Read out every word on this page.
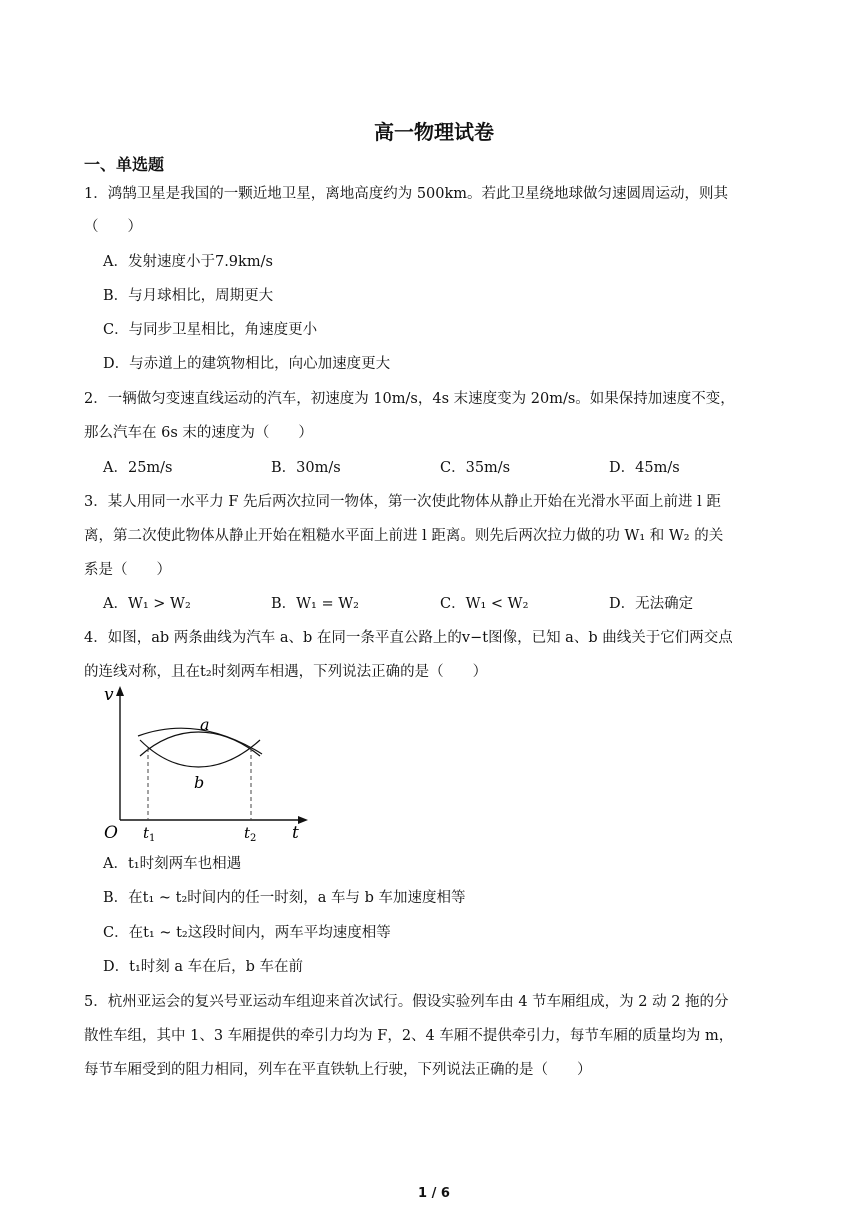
高一物理试卷
一、单选题
1．鸿鹄卫星是我国的一颗近地卫星，离地高度约为 500km。若此卫星绕地球做匀速圆周运动，则其
（　　）
A．发射速度小于7.9km/s
B．与月球相比，周期更大
C．与同步卫星相比，角速度更小
D．与赤道上的建筑物相比，向心加速度更大
2．一辆做匀变速直线运动的汽车，初速度为 10m/s，4s 末速度变为 20m/s。如果保持加速度不变，
那么汽车在 6s 末的速度为（　　）
A．25m/s	B．30m/s	C．35m/s	D．45m/s
3．某人用同一水平力 F 先后两次拉同一物体，第一次使此物体从静止开始在光滑水平面上前进 l 距
离，第二次使此物体从静止开始在粗糙水平面上前进 l 距离。则先后两次拉力做的功 W₁ 和 W₂ 的关
系是（　　）
A．W₁ > W₂	B．W₁ = W₂	C．W₁ < W₂	D．无法确定
4．如图，ab 两条曲线为汽车 a、b 在同一条平直公路上的v−t图像，已知 a、b 曲线关于它们两交点
的连线对称，且在t₂时刻两车相遇，下列说法正确的是（　　）
v
a
b
O $t_1$	$t_2$ t
A．t₁时刻两车也相遇
B．在t₁ ~ t₂时间内的任一时刻，a 车与 b 车加速度相等
C．在t₁ ~ t₂这段时间内，两车平均速度相等
D．t₁时刻 a 车在后，b 车在前
5．杭州亚运会的复兴号亚运动车组迎来首次试行。假设实验列车由 4 节车厢组成，为 2 动 2 拖的分
散性车组，其中 1、3 车厢提供的牵引力均为 F，2、4 车厢不提供牵引力，每节车厢的质量均为 m，
每节车厢受到的阻力相同，列车在平直铁轨上行驶，下列说法正确的是（　　）
1 / 6
